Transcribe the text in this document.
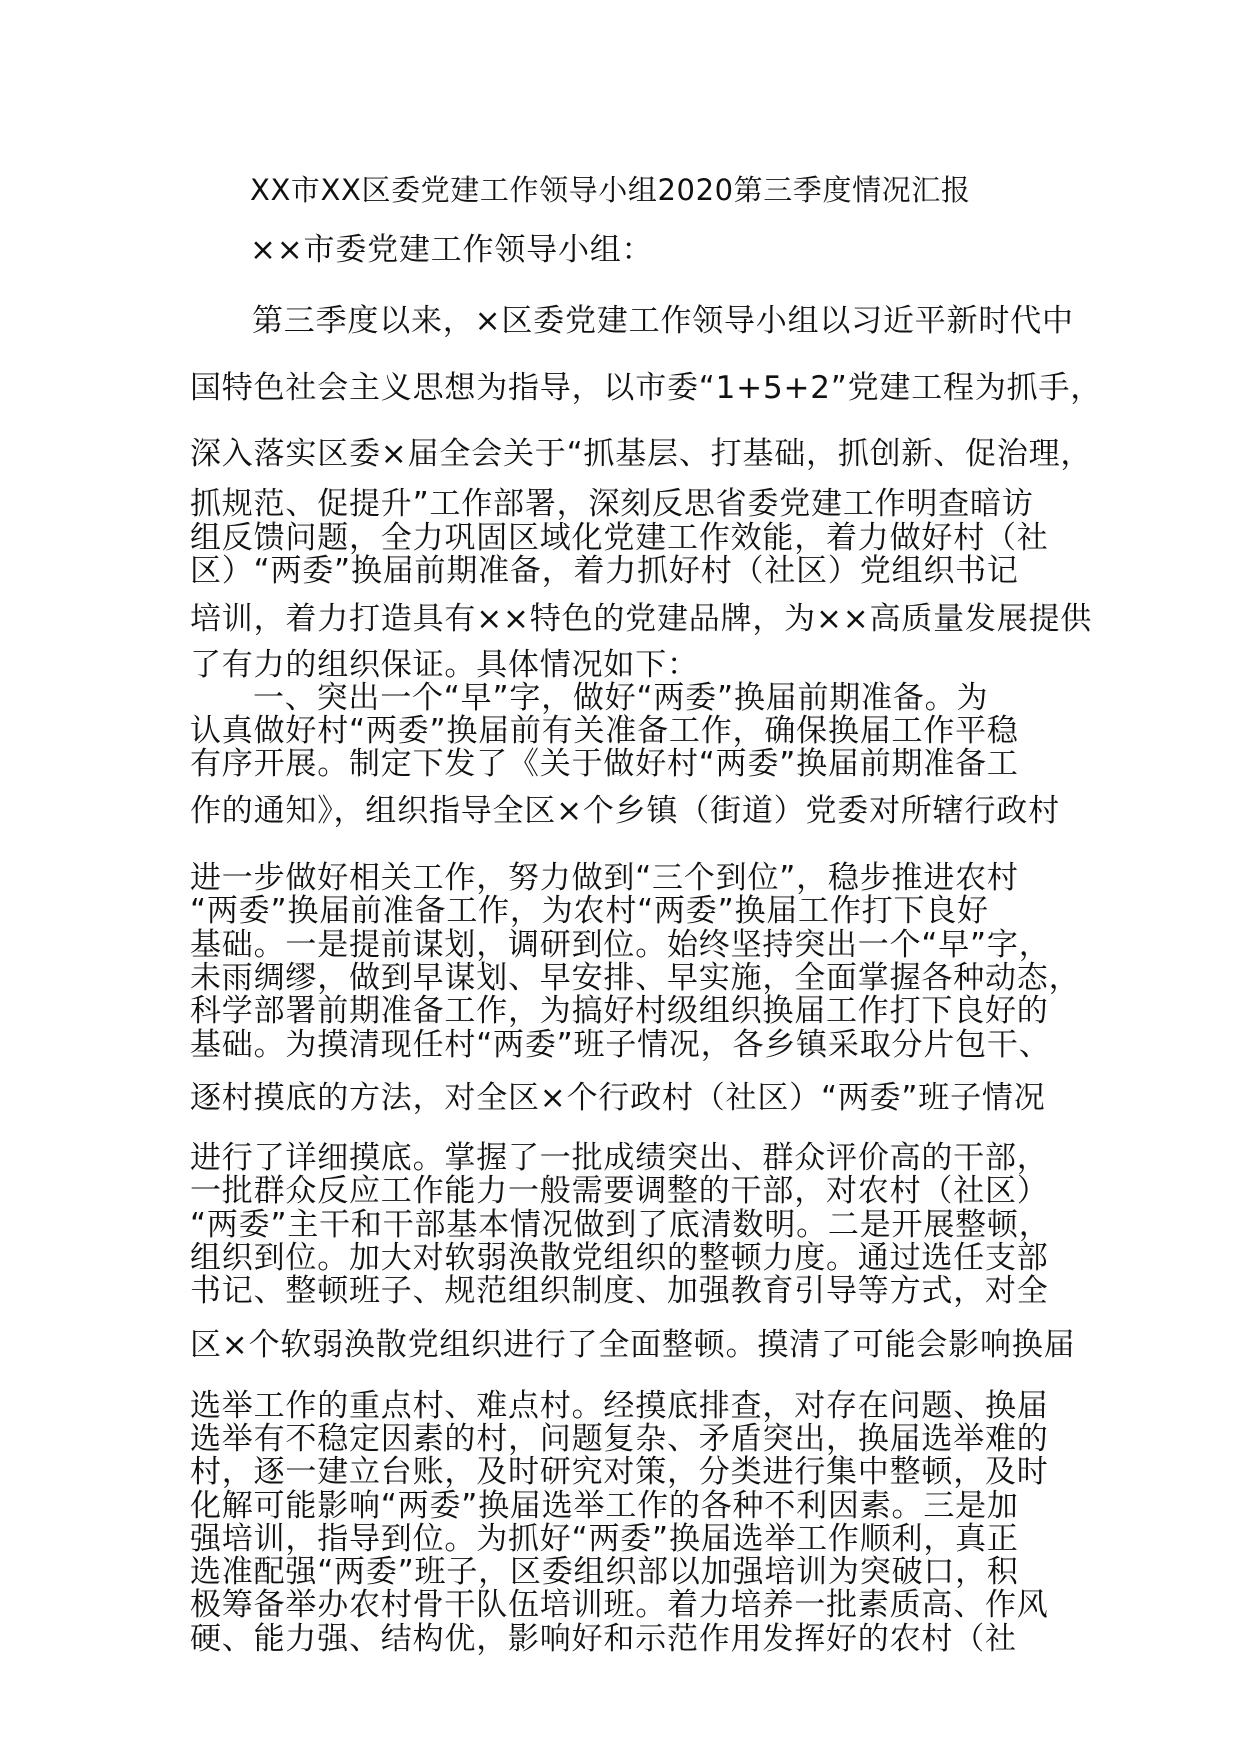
XX市XX区委党建工作领导小组2020第三季度情况汇报
××市委党建工作领导小组：
第三季度以来，×区委党建工作领导小组以习近平新时代中
国特色社会主义思想为指导，以市委“1+5+2”党建工程为抓手，
深入落实区委×届全会关于“抓基层、打基础，抓创新、促治理，
抓规范、促提升”工作部署，深刻反思省委党建工作明查暗访
组反馈问题，全力巩固区域化党建工作效能，着力做好村（社
区）“两委”换届前期准备，着力抓好村（社区）党组织书记
培训，着力打造具有××特色的党建品牌，为××高质量发展提供
了有力的组织保证。具体情况如下：
一、突出一个“早”字，做好“两委”换届前期准备。为
认真做好村“两委”换届前有关准备工作，确保换届工作平稳
有序开展。制定下发了《关于做好村“两委”换届前期准备工
作的通知》，组织指导全区×个乡镇（街道）党委对所辖行政村
进一步做好相关工作，努力做到“三个到位”，稳步推进农村
“两委”换届前准备工作，为农村“两委”换届工作打下良好
基础。一是提前谋划，调研到位。始终坚持突出一个“早”字，
未雨绸缪，做到早谋划、早安排、早实施，全面掌握各种动态，
科学部署前期准备工作，为搞好村级组织换届工作打下良好的
基础。为摸清现任村“两委”班子情况，各乡镇采取分片包干、
逐村摸底的方法，对全区×个行政村（社区）“两委”班子情况
进行了详细摸底。掌握了一批成绩突出、群众评价高的干部，
一批群众反应工作能力一般需要调整的干部，对农村（社区）
“两委”主干和干部基本情况做到了底清数明。二是开展整顿，
组织到位。加大对软弱涣散党组织的整顿力度。通过选任支部
书记、整顿班子、规范组织制度、加强教育引导等方式，对全
区×个软弱涣散党组织进行了全面整顿。摸清了可能会影响换届
选举工作的重点村、难点村。经摸底排查，对存在问题、换届
选举有不稳定因素的村，问题复杂、矛盾突出，换届选举难的
村，逐一建立台账，及时研究对策，分类进行集中整顿，及时
化解可能影响“两委”换届选举工作的各种不利因素。三是加
强培训，指导到位。为抓好“两委”换届选举工作顺利，真正
选准配强“两委”班子，区委组织部以加强培训为突破口，积
极筹备举办农村骨干队伍培训班。着力培养一批素质高、作风
硬、能力强、结构优，影响好和示范作用发挥好的农村（社
